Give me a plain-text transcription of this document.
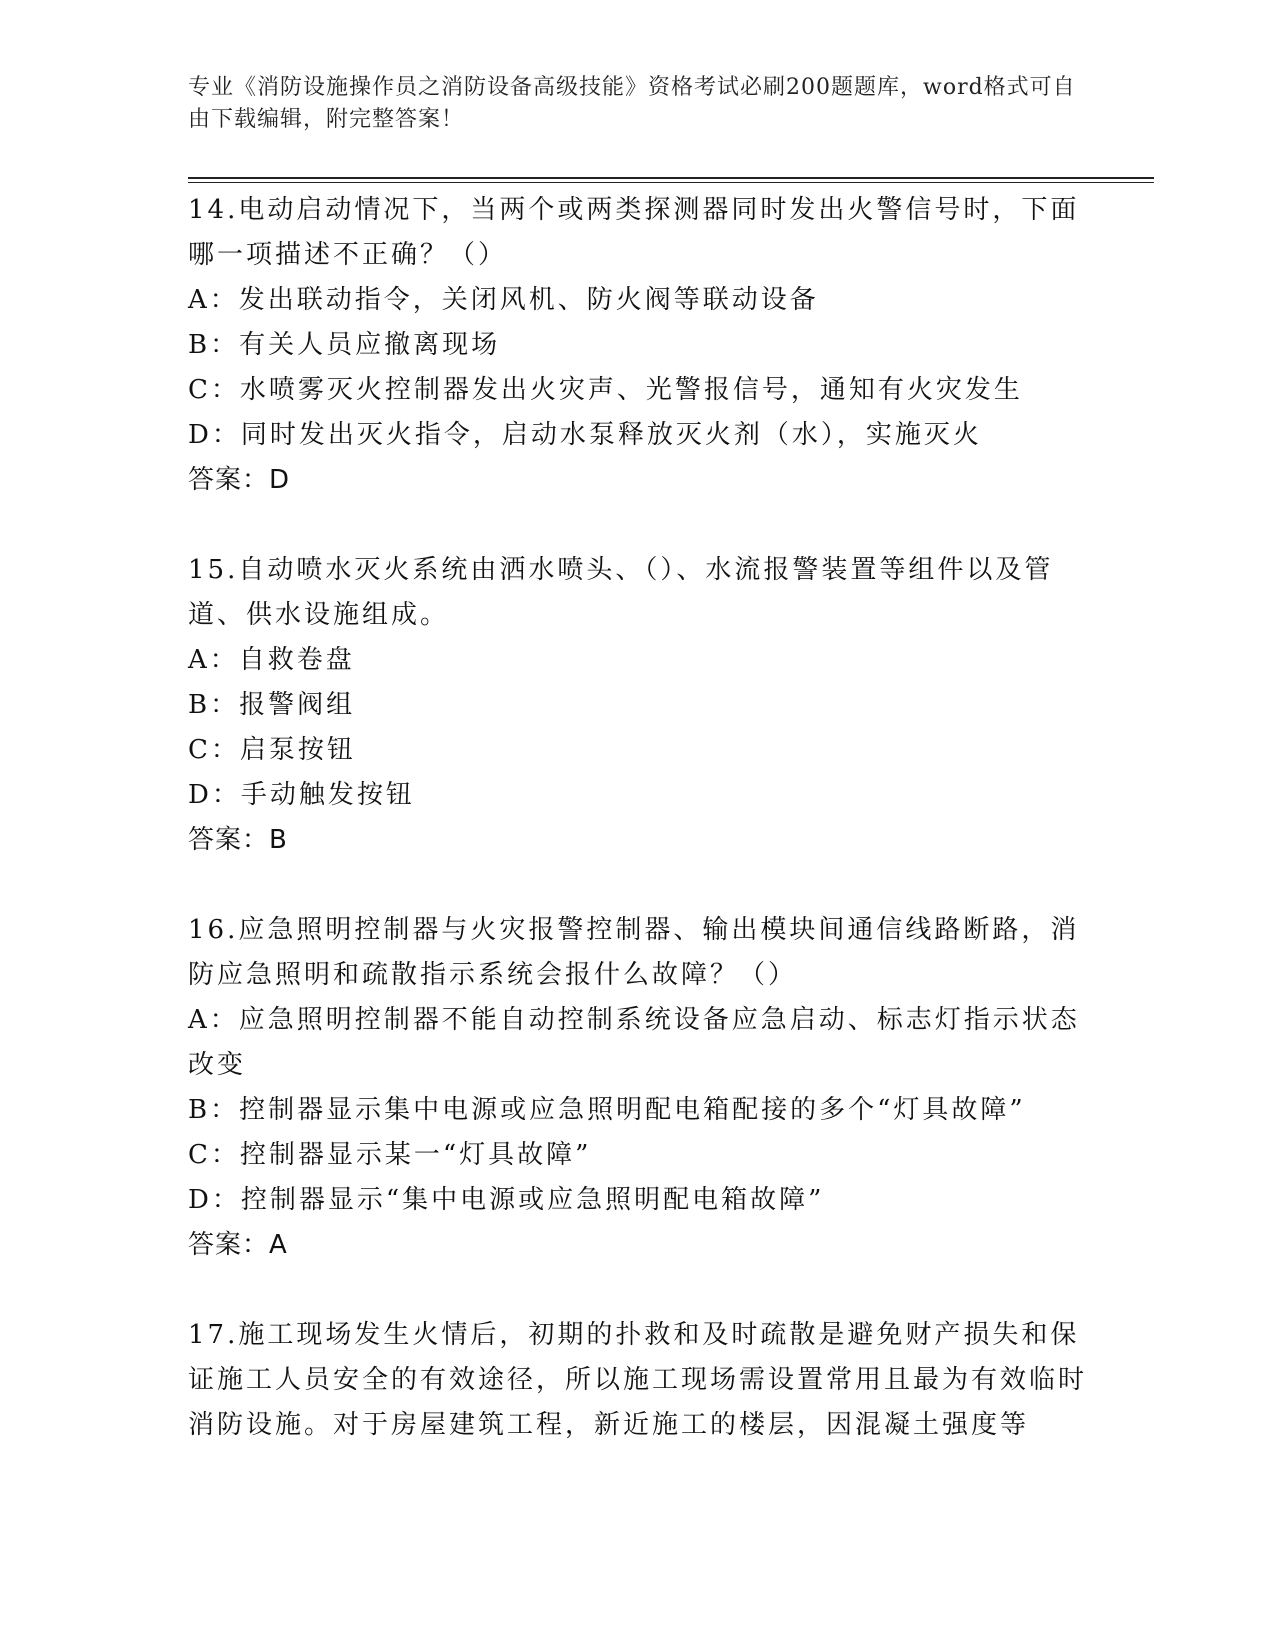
专业《消防设施操作员之消防设备高级技能》资格考试必刷200题题库，word格式可自由下载编辑，附完整答案！
14.电动启动情况下，当两个或两类探测器同时发出火警信号时，下面哪一项描述不正确？（）
A：发出联动指令，关闭风机、防火阀等联动设备
B：有关人员应撤离现场
C：水喷雾灭火控制器发出火灾声、光警报信号，通知有火灾发生
D：同时发出灭火指令，启动水泵释放灭火剂（水），实施灭火
答案：D
15.自动喷水灭火系统由洒水喷头、（）、水流报警装置等组件以及管道、供水设施组成。
A：自救卷盘
B：报警阀组
C：启泵按钮
D：手动触发按钮
答案：B
16.应急照明控制器与火灾报警控制器、输出模块间通信线路断路，消防应急照明和疏散指示系统会报什么故障？（）
A：应急照明控制器不能自动控制系统设备应急启动、标志灯指示状态改变
B：控制器显示集中电源或应急照明配电箱配接的多个“灯具故障”
C：控制器显示某一“灯具故障”
D：控制器显示“集中电源或应急照明配电箱故障”
答案：A
17.施工现场发生火情后，初期的扑救和及时疏散是避免财产损失和保证施工人员安全的有效途径，所以施工现场需设置常用且最为有效临时消防设施。对于房屋建筑工程，新近施工的楼层，因混凝土强度等
